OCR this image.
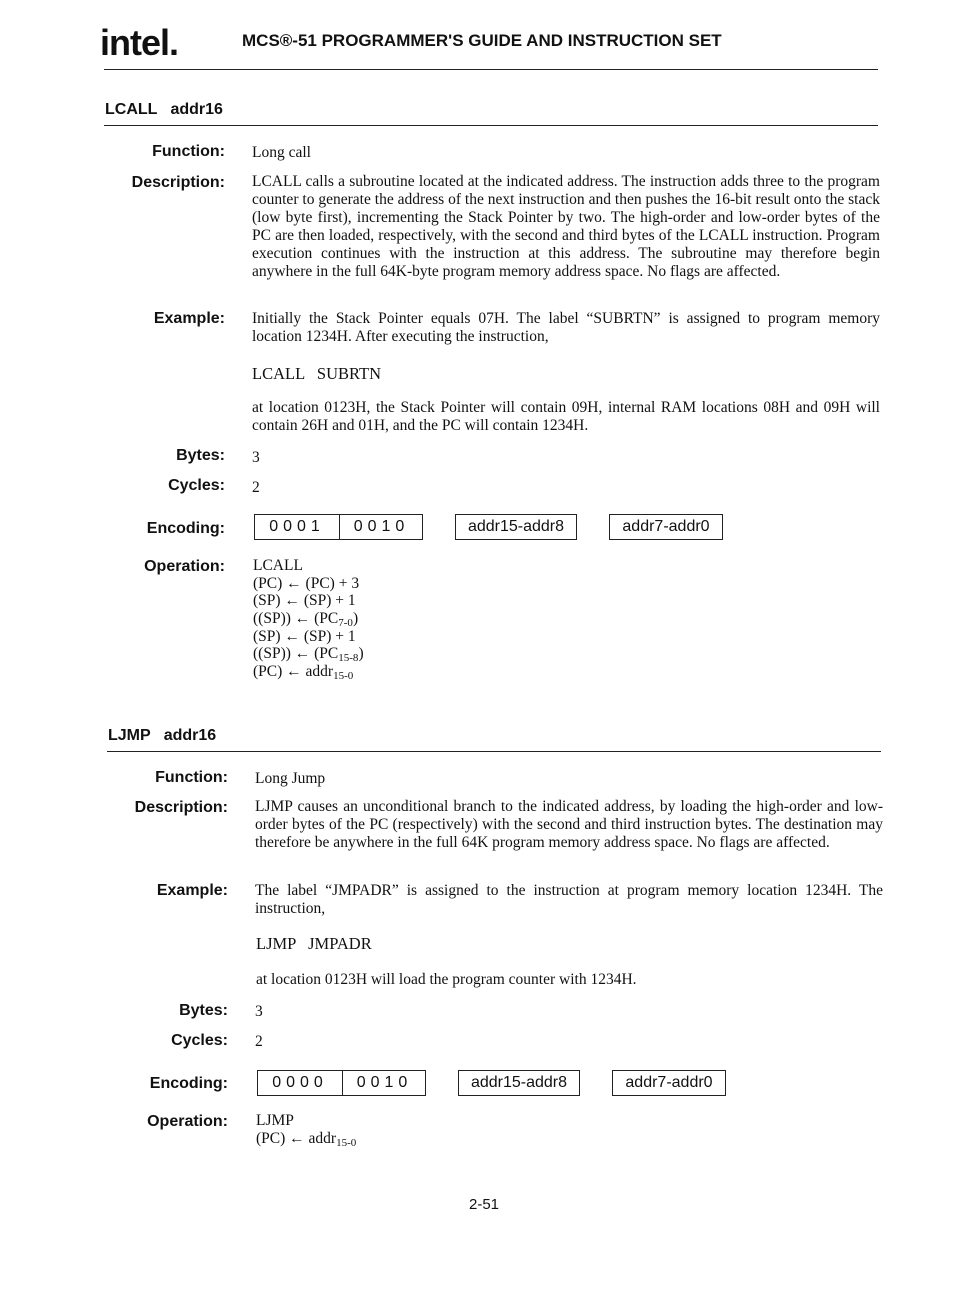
intel.	MCS®-51 PROGRAMMER'S GUIDE AND INSTRUCTION SET
LCALL   addr16
Function: Long call
Description: LCALL calls a subroutine located at the indicated address. The instruction adds three to the program counter to generate the address of the next instruction and then pushes the 16-bit result onto the stack (low byte first), incrementing the Stack Pointer by two. The high-order and low-order bytes of the PC are then loaded, respectively, with the second and third bytes of the LCALL instruction. Program execution continues with the instruction at this address. The subroutine may therefore begin anywhere in the full 64K-byte program memory address space. No flags are affected.
Example: Initially the Stack Pointer equals 07H. The label “SUBRTN” is assigned to program memory location 1234H. After executing the instruction,
LCALL   SUBRTN
at location 0123H, the Stack Pointer will contain 09H, internal RAM locations 08H and 09H will contain 26H and 01H, and the PC will contain 1234H.
Bytes: 3
Cycles: 2
Encoding:	0001	0010	addr15-addr8	addr7-addr0
Operation: LCALL
(PC) ← (PC) + 3
(SP) ← (SP) + 1
((SP)) ← $(PC_{7-0})$
(SP) ← (SP) + 1
((SP)) ← $(PC_{15-8})$
(PC) ← addr$_{15-0}$
LJMP   addr16
Function: Long Jump
Description: LJMP causes an unconditional branch to the indicated address, by loading the high-order and low-order bytes of the PC (respectively) with the second and third instruction bytes. The destination may therefore be anywhere in the full 64K program memory address space. No flags are affected.
Example: The label “JMPADR” is assigned to the instruction at program memory location 1234H. The instruction,
LJMP   JMPADR
at location 0123H will load the program counter with 1234H.
Bytes: 3
Cycles: 2
Encoding:	0000	0010	addr15-addr8	addr7-addr0
Operation: LJMP
(PC) ← addr$_{15-0}$
2-51
